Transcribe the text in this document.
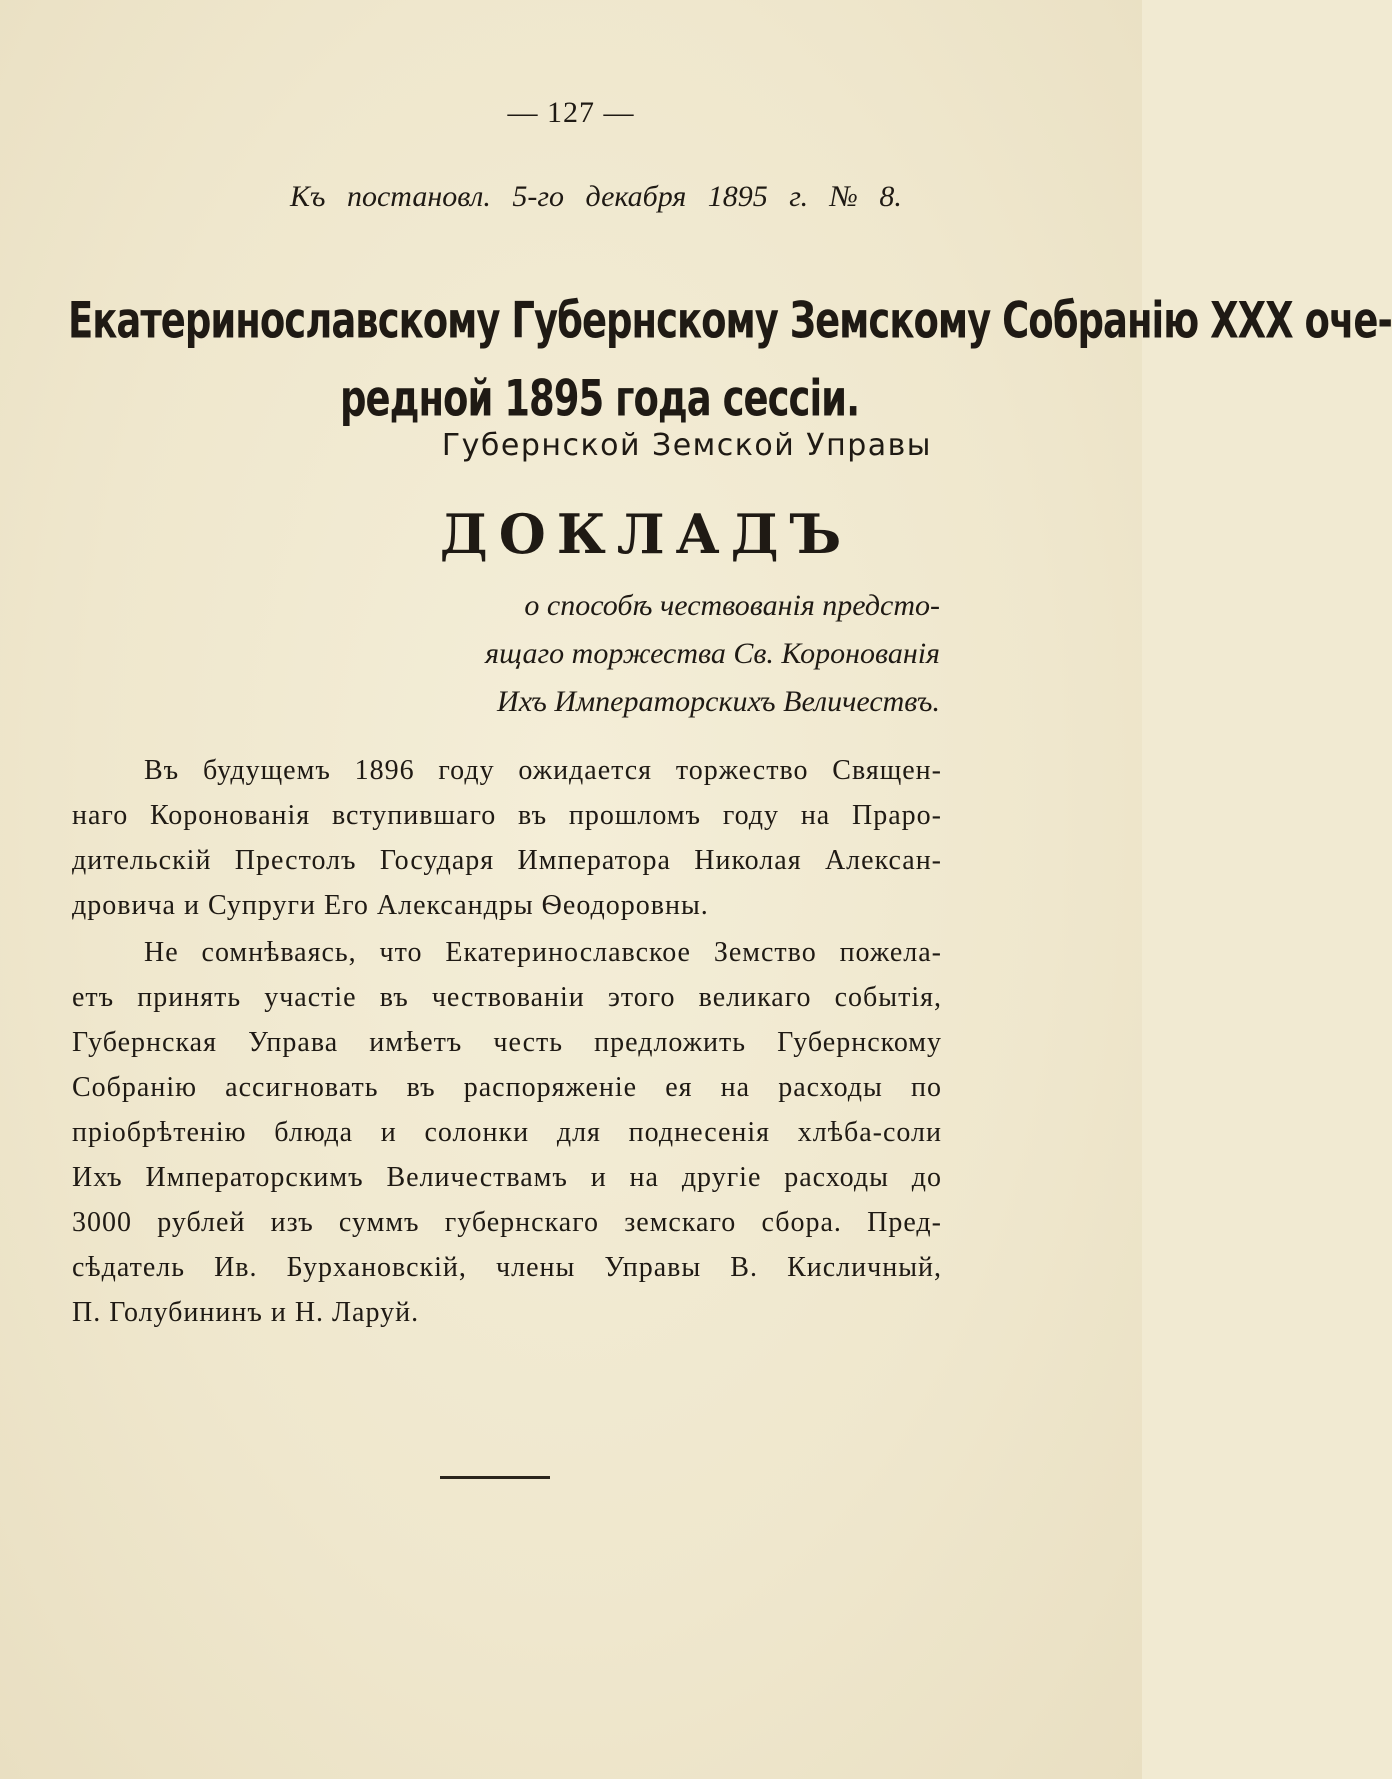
— 127 —
Къ постановл. 5-го декабря 1895 г. № 8.
Екатеринославскому Губернскому Земскому Собранію XXX оче-
редной 1895 года сессіи.
Губернской Земской Управы
ДОКЛАДЪ
о способѣ чествованія предсто-
ящаго торжества Св. Коронованія
Ихъ Императорскихъ Величествъ.
Въ будущемъ 1896 году ожидается торжество Священ-
наго Коронованія вступившаго въ прошломъ году на Праро-
дительскій Престолъ Государя Императора Николая Алексан-
дровича и Супруги Его Александры Ѳеодоровны.
Не сомнѣваясь, что Екатеринославское Земство пожела-
етъ принять участіе въ чествованіи этого великаго событія,
Губернская Управа имѣетъ честь предложить Губернскому
Собранію ассигновать въ распоряженіе ея на расходы по
пріобрѣтенію блюда и солонки для поднесенія хлѣба-соли
Ихъ Императорскимъ Величествамъ и на другіе расходы до
3000 рублей изъ суммъ губернскаго земскаго сбора. Пред-
сѣдатель Ив. Бурхановскій, члены Управы В. Кисличный,
П. Голубининъ и Н. Ларуй.
